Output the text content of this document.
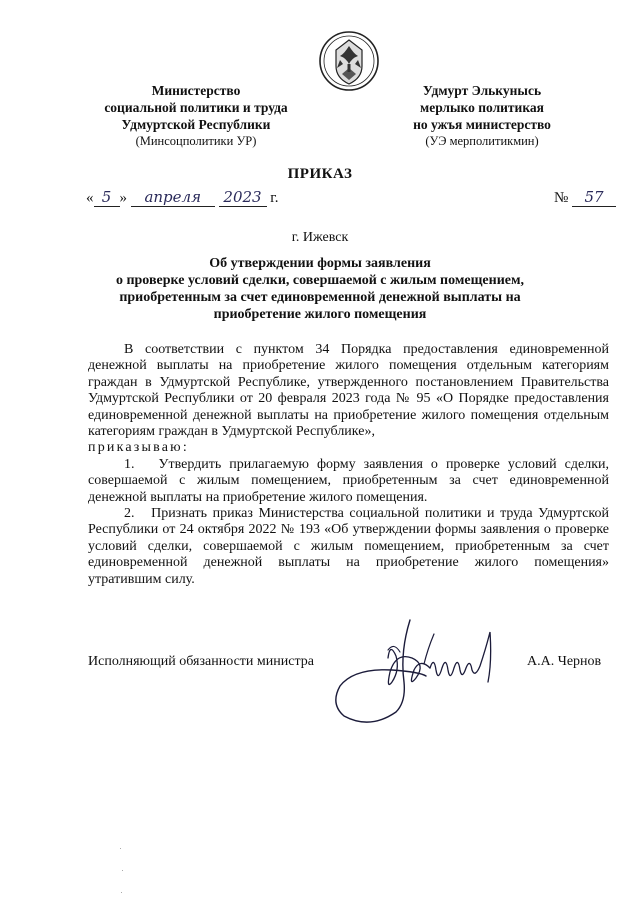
Министерство
социальной политики и труда
Удмуртской Республики
(Минсоцполитики УР)
Удмурт Элькунысь
мерлыко политикая
но ужъя министерство
(УЭ мерполитикмин)
ПРИКАЗ
« 5 » апреля 2023 г.	№ 57
г. Ижевск
Об утверждении формы заявления
о проверке условий сделки, совершаемой с жилым помещением,
приобретенным за счет единовременной денежной выплаты на
приобретение жилого помещения

В соответствии с пунктом 34 Порядка предоставления единовременной денежной выплаты на приобретение жилого помещения отдельным категориям граждан в Удмуртской Республике, утвержденного постановлением Правительства Удмуртской Республики от 20 февраля 2023 года № 95 «О Порядке предоставления единовременной денежной выплаты на приобретение жилого помещения отдельным категориям граждан в Удмуртской Республике»,

приказываю:

1.   Утвердить прилагаемую форму заявления о проверке условий сделки, совершаемой с жилым помещением, приобретенным за счет единовременной денежной выплаты на приобретение жилого помещения.

2.   Признать приказ Министерства социальной политики и труда Удмуртской Республики от 24 октября 2022 № 193 «Об утверждении формы заявления о проверке условий сделки, совершаемой с жилым помещением, приобретенным за счет единовременной денежной выплаты на приобретение жилого помещения» утратившим силу.

Исполняющий обязанности министра	А.А. Чернов
